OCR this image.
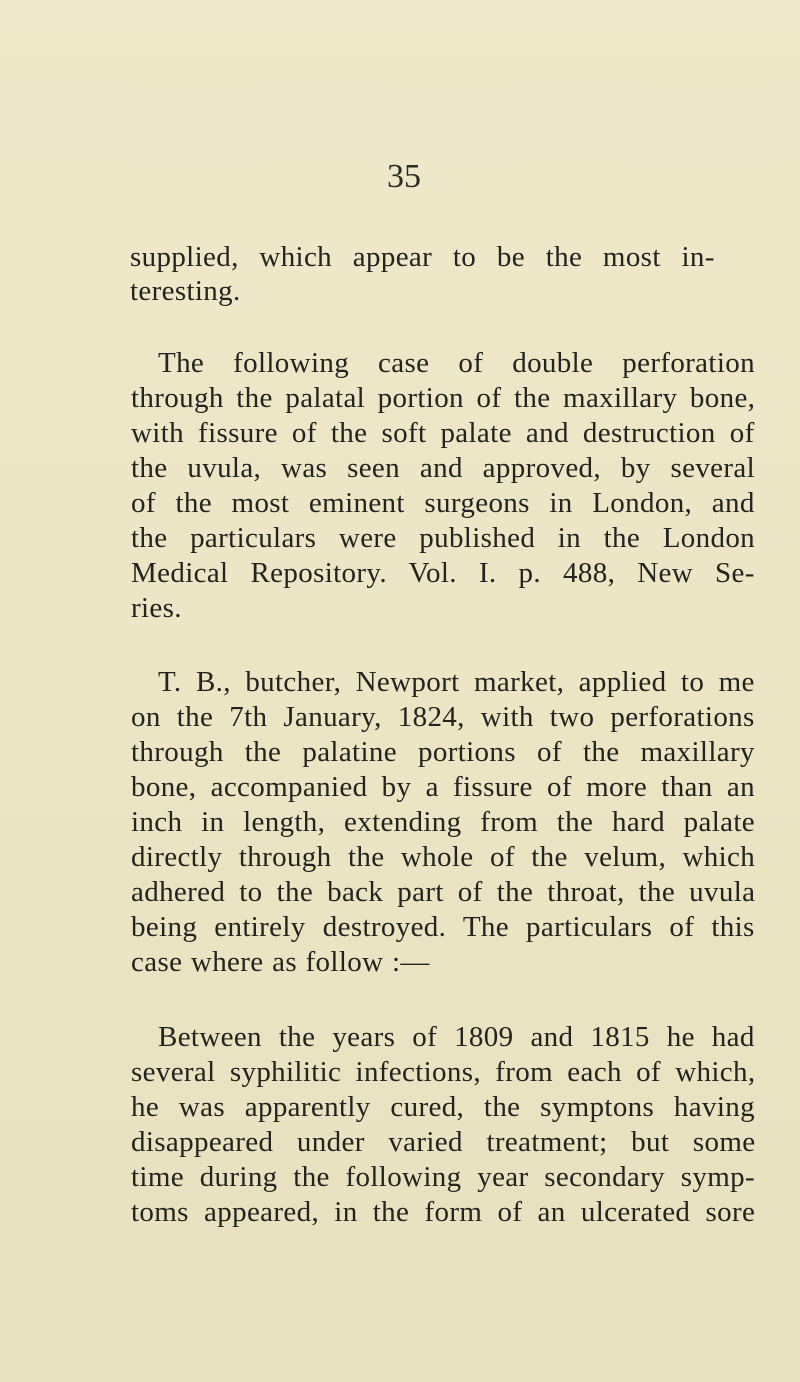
35
supplied, which appear to be the most in-
teresting.
The following case of double perforation
through the palatal portion of the maxillary bone,
with fissure of the soft palate and destruction of
the uvula, was seen and approved, by several
of the most eminent surgeons in London, and
the particulars were published in the London
Medical Repository. Vol. I. p. 488, New Se-
ries.
T. B., butcher, Newport market, applied to me
on the 7th January, 1824, with two perforations
through the palatine portions of the maxillary
bone, accompanied by a fissure of more than an
inch in length, extending from the hard palate
directly through the whole of the velum, which
adhered to the back part of the throat, the uvula
being entirely destroyed. The particulars of this
case where as follow :—
Between the years of 1809 and 1815 he had
several syphilitic infections, from each of which,
he was apparently cured, the symptons having
disappeared under varied treatment; but some
time during the following year secondary symp-
toms appeared, in the form of an ulcerated sore
